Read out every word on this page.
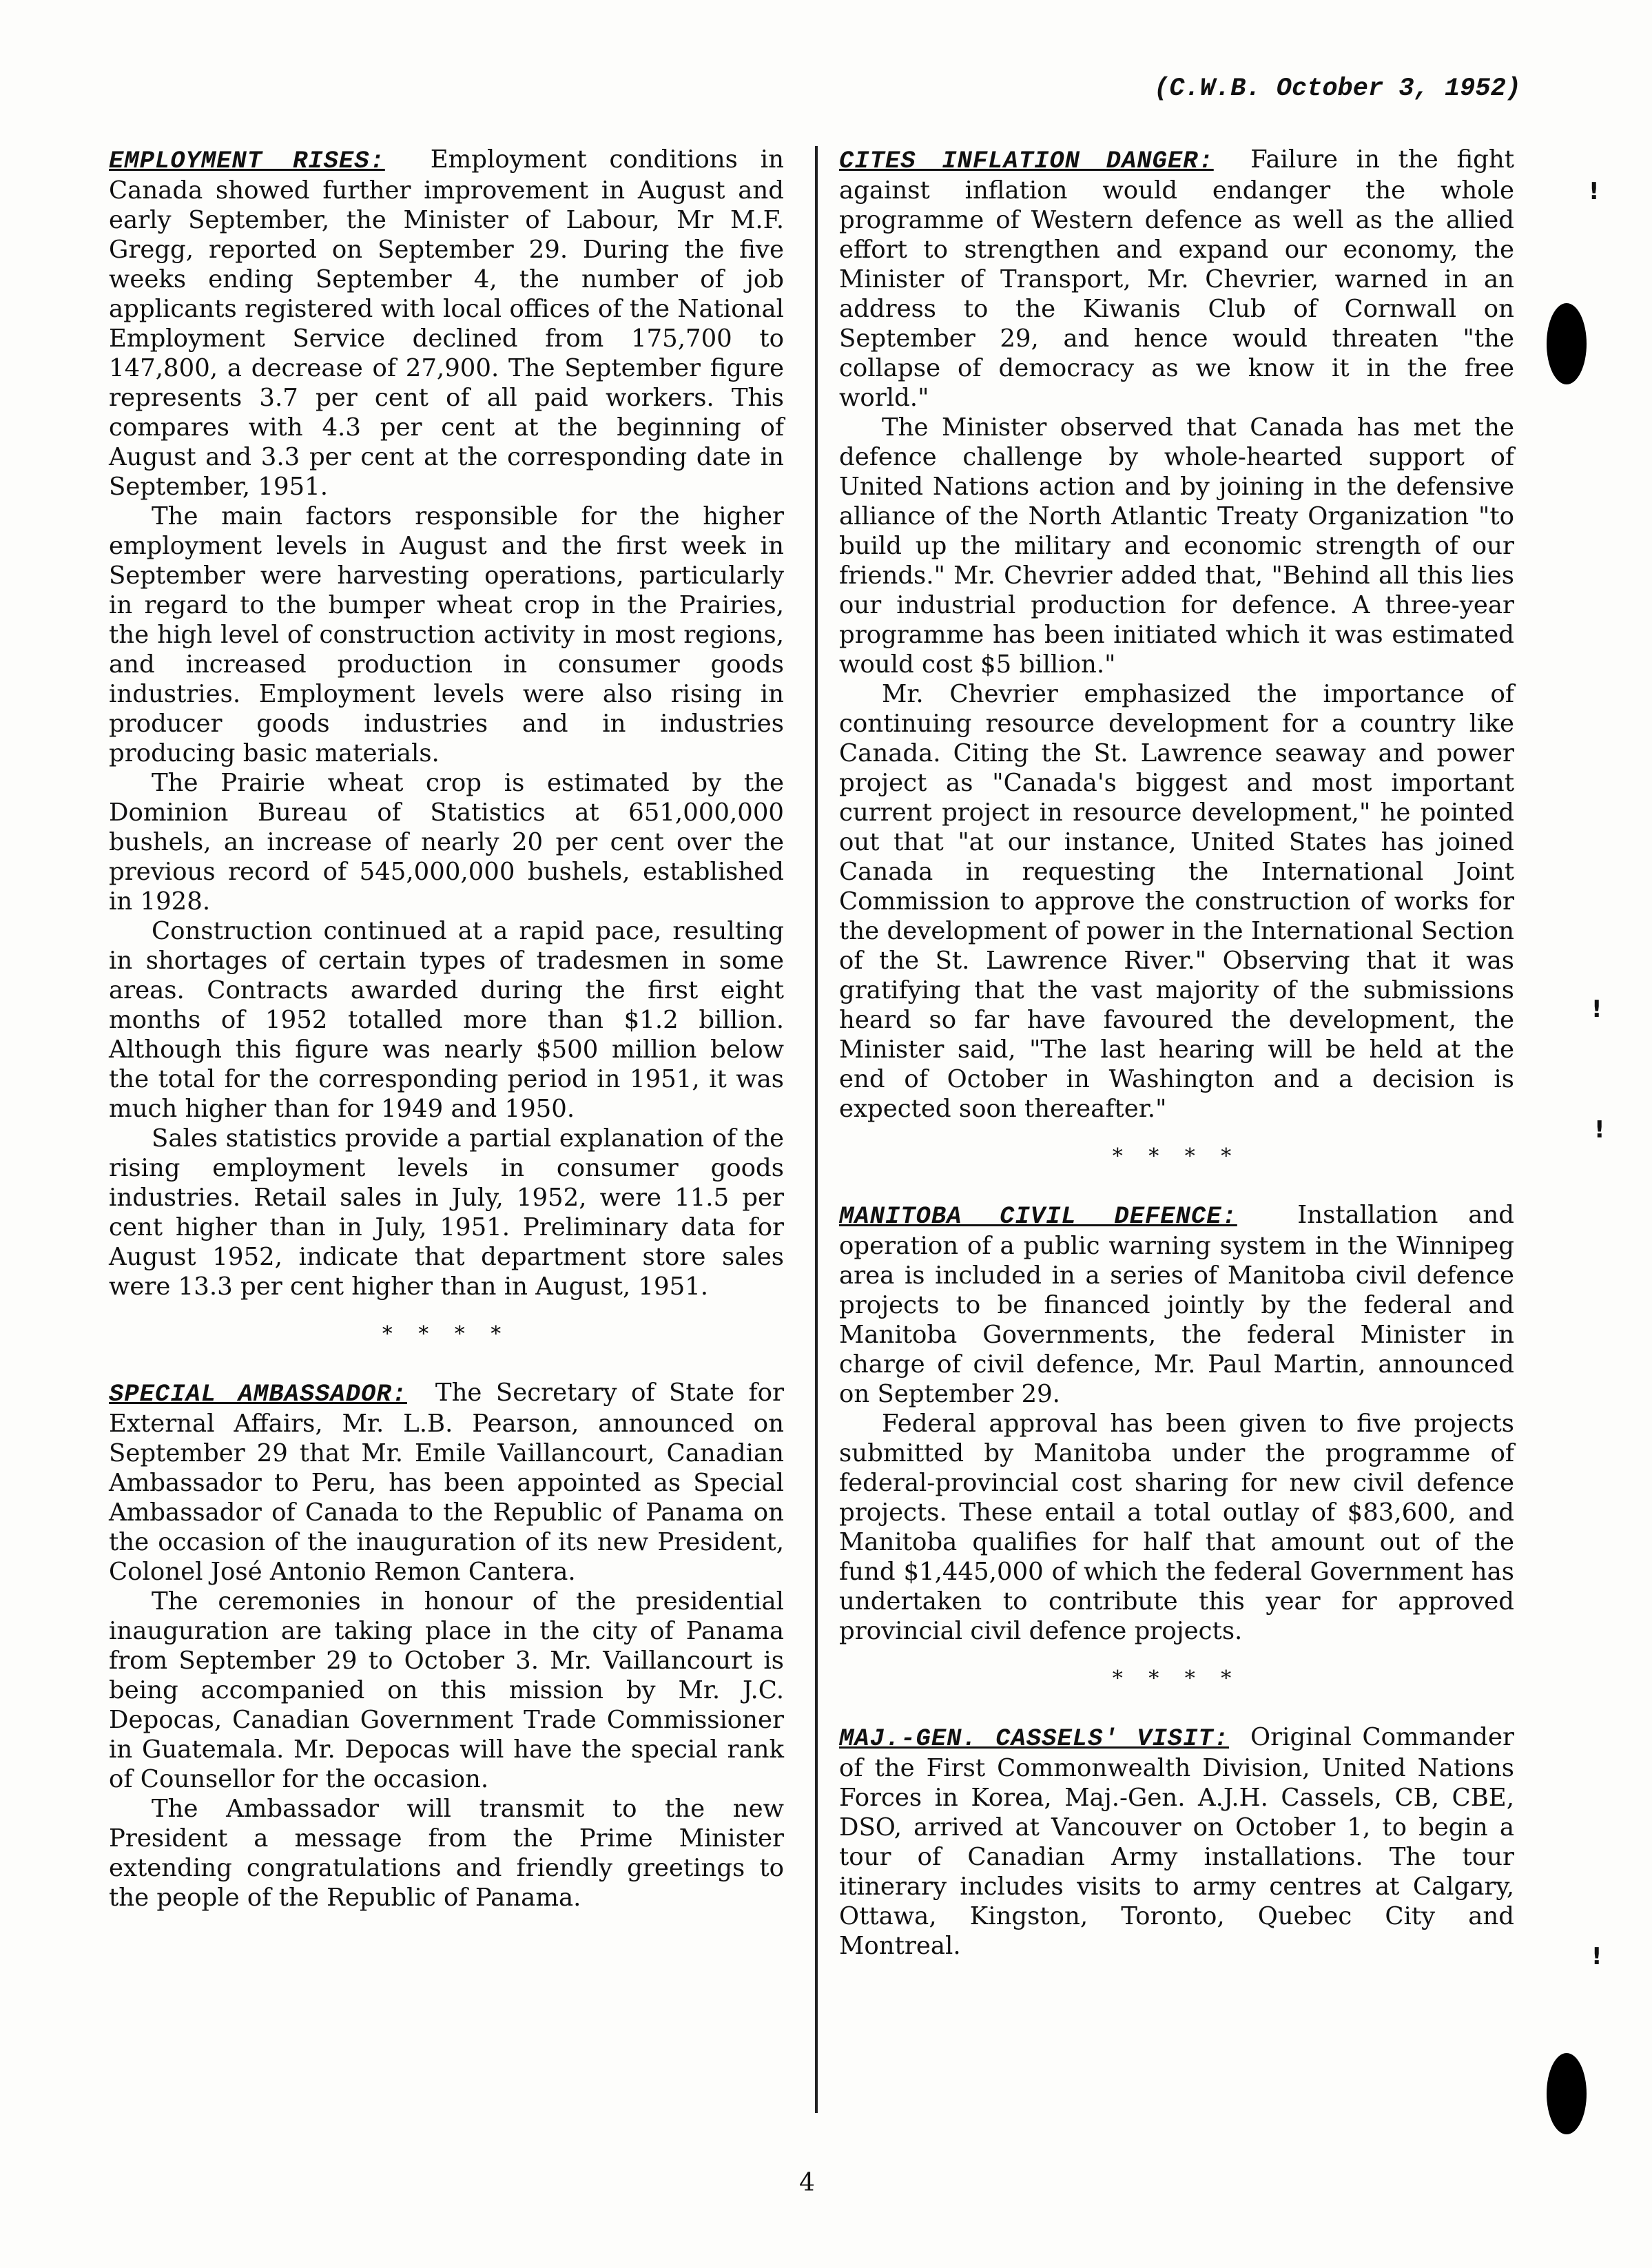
(C.W.B. October 3, 1952)

EMPLOYMENT RISES: Employment conditions in Canada showed further improvement in August and early September, the Minister of Labour, Mr M.F. Gregg, reported on September 29. During the five weeks ending September 4, the number of job applicants registered with local offices of the National Employment Service declined from 175,700 to 147,800, a decrease of 27,900. The September figure represents 3.7 per cent of all paid workers. This compares with 4.3 per cent at the beginning of August and 3.3 per cent at the corresponding date in September, 1951.

The main factors responsible for the higher employment levels in August and the first week in September were harvesting operations, particularly in regard to the bumper wheat crop in the Prairies, the high level of construction activity in most regions, and increased production in consumer goods industries. Employment levels were also rising in producer goods industries and in industries producing basic materials.

The Prairie wheat crop is estimated by the Dominion Bureau of Statistics at 651,000,000 bushels, an increase of nearly 20 per cent over the previous record of 545,000,000 bushels, established in 1928.

Construction continued at a rapid pace, resulting in shortages of certain types of tradesmen in some areas. Contracts awarded during the first eight months of 1952 totalled more than $1.2 billion. Although this figure was nearly $500 million below the total for the corresponding period in 1951, it was much higher than for 1949 and 1950.

Sales statistics provide a partial explanation of the rising employment levels in consumer goods industries. Retail sales in July, 1952, were 11.5 per cent higher than in July, 1951. Preliminary data for August 1952, indicate that department store sales were 13.3 per cent higher than in August, 1951.

* * * *

SPECIAL AMBASSADOR: The Secretary of State for External Affairs, Mr. L.B. Pearson, announced on September 29 that Mr. Emile Vaillancourt, Canadian Ambassador to Peru, has been appointed as Special Ambassador of Canada to the Republic of Panama on the occasion of the inauguration of its new President, Colonel José Antonio Remon Cantera.

The ceremonies in honour of the presidential inauguration are taking place in the city of Panama from September 29 to October 3. Mr. Vaillancourt is being accompanied on this mission by Mr. J.C. Depocas, Canadian Government Trade Commissioner in Guatemala. Mr. Depocas will have the special rank of Counsellor for the occasion.

The Ambassador will transmit to the new President a message from the Prime Minister extending congratulations and friendly greetings to the people of the Republic of Panama.

CITES INFLATION DANGER: Failure in the fight against inflation would endanger the whole programme of Western defence as well as the allied effort to strengthen and expand our economy, the Minister of Transport, Mr. Chevrier, warned in an address to the Kiwanis Club of Cornwall on September 29, and hence would threaten "the collapse of democracy as we know it in the free world."

The Minister observed that Canada has met the defence challenge by whole-hearted support of United Nations action and by joining in the defensive alliance of the North Atlantic Treaty Organization "to build up the military and economic strength of our friends." Mr. Chevrier added that, "Behind all this lies our industrial production for defence. A three-year programme has been initiated which it was estimated would cost $5 billion."

Mr. Chevrier emphasized the importance of continuing resource development for a country like Canada. Citing the St. Lawrence seaway and power project as "Canada's biggest and most important current project in resource development," he pointed out that "at our instance, United States has joined Canada in requesting the International Joint Commission to approve the construction of works for the development of power in the International Section of the St. Lawrence River." Observing that it was gratifying that the vast majority of the submissions heard so far have favoured the development, the Minister said, "The last hearing will be held at the end of October in Washington and a decision is expected soon thereafter."

* * * *

MANITOBA CIVIL DEFENCE: Installation and operation of a public warning system in the Winnipeg area is included in a series of Manitoba civil defence projects to be financed jointly by the federal and Manitoba Governments, the federal Minister in charge of civil defence, Mr. Paul Martin, announced on September 29.

Federal approval has been given to five projects submitted by Manitoba under the programme of federal-provincial cost sharing for new civil defence projects. These entail a total outlay of $83,600, and Manitoba qualifies for half that amount out of the fund $1,445,000 of which the federal Government has undertaken to contribute this year for approved provincial civil defence projects.

* * * *

MAJ.-GEN. CASSELS' VISIT: Original Commander of the First Commonwealth Division, United Nations Forces in Korea, Maj.-Gen. A.J.H. Cassels, CB, CBE, DSO, arrived at Vancouver on October 1, to begin a tour of Canadian Army installations. The tour itinerary includes visits to army centres at Calgary, Ottawa, Kingston, Toronto, Quebec City and Montreal.

4
!
!
!
!
